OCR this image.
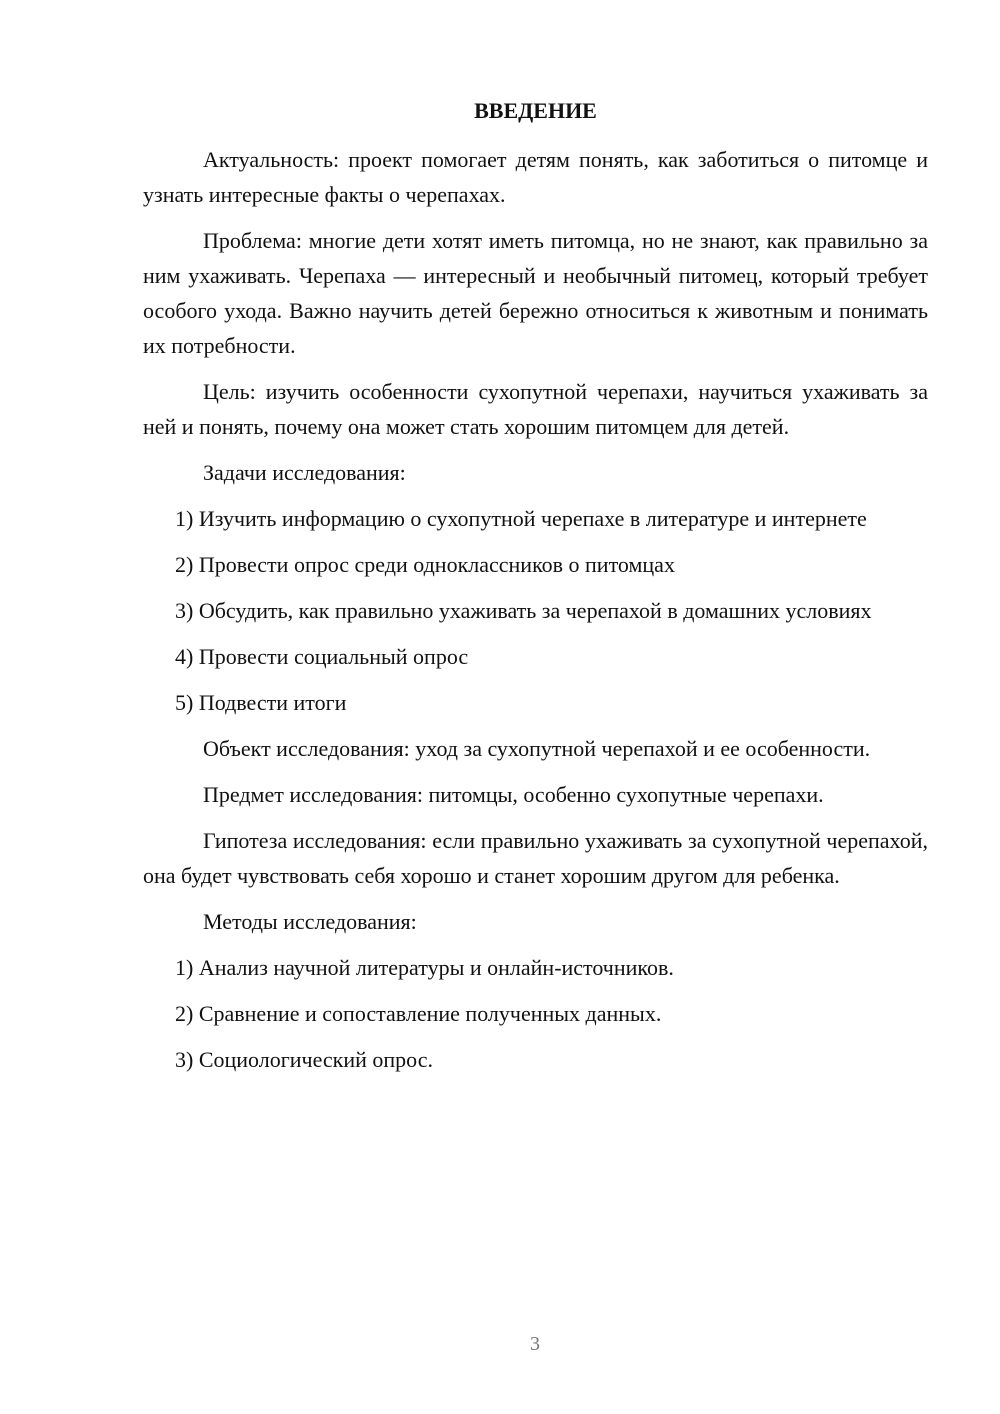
ВВЕДЕНИЕ

Актуальность: проект помогает детям понять, как заботиться о питомце и узнать интересные факты о черепахах.

Проблема: многие дети хотят иметь питомца, но не знают, как правильно за ним ухаживать. Черепаха — интересный и необычный питомец, который требует особого ухода. Важно научить детей бережно относиться к животным и понимать их потребности.

Цель: изучить особенности сухопутной черепахи, научиться ухаживать за ней и понять, почему она может стать хорошим питомцем для детей.

Задачи исследования:

1) Изучить информацию о сухопутной черепахе в литературе и интернете

2) Провести опрос среди одноклассников о питомцах

3) Обсудить, как правильно ухаживать за черепахой в домашних условиях

4) Провести социальный опрос

5) Подвести итоги

Объект исследования: уход за сухопутной черепахой и ее особенности.

Предмет исследования: питомцы, особенно сухопутные черепахи.

Гипотеза исследования: если правильно ухаживать за сухопутной черепахой, она будет чувствовать себя хорошо и станет хорошим другом для ребенка.

Методы исследования:

1) Анализ научной литературы и онлайн-источников.

2) Сравнение и сопоставление полученных данных.

3) Социологический опрос.

3
